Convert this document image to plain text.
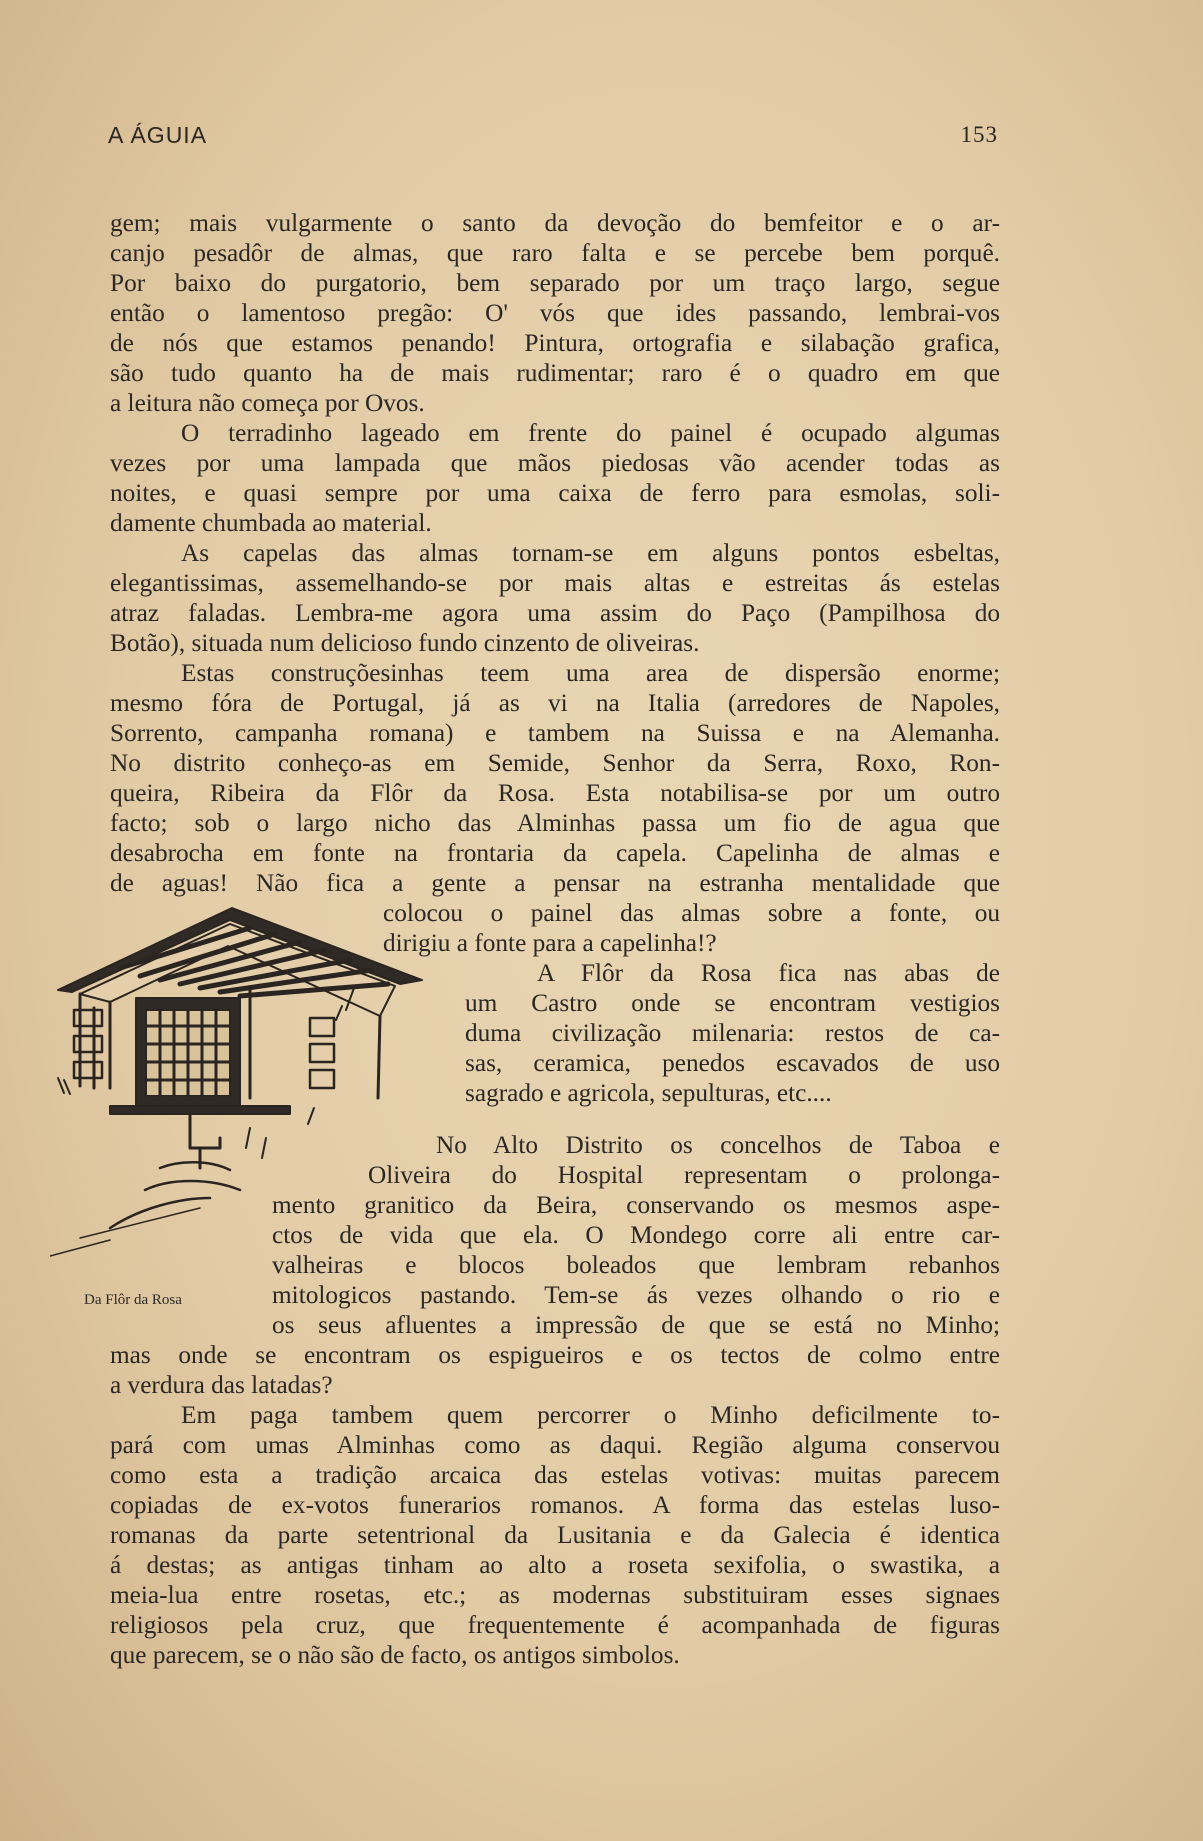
A ÁGUIA	153
gem; mais vulgarmente o santo da devoção do bemfeitor e o ar-
canjo pesadôr de almas, que raro falta e se percebe bem porquê.
Por baixo do purgatorio, bem separado por um traço largo, segue
então o lamentoso pregão: O' vós que ides passando, lembrai-vos
de nós que estamos penando! Pintura, ortografia e silabação grafica,
são tudo quanto ha de mais rudimentar; raro é o quadro em que
a leitura não começa por Ovos.
O terradinho lageado em frente do painel é ocupado algumas
vezes por uma lampada que mãos piedosas vão acender todas as
noites, e quasi sempre por uma caixa de ferro para esmolas, soli-
damente chumbada ao material.
As capelas das almas tornam-se em alguns pontos esbeltas,
elegantissimas, assemelhando-se por mais altas e estreitas ás estelas
atraz faladas. Lembra-me agora uma assim do Paço (Pampilhosa do
Botão), situada num delicioso fundo cinzento de oliveiras.
Estas construçõesinhas teem uma area de dispersão enorme;
mesmo fóra de Portugal, já as vi na Italia (arredores de Napoles,
Sorrento, campanha romana) e tambem na Suissa e na Alemanha.
No distrito conheço-as em Semide, Senhor da Serra, Roxo, Ron-
queira, Ribeira da Flôr da Rosa. Esta notabilisa-se por um outro
facto; sob o largo nicho das Alminhas passa um fio de agua que
desabrocha em fonte na frontaria da capela. Capelinha de almas e
de aguas! Não fica a gente a pensar na estranha mentalidade que
colocou o painel das almas sobre a fonte, ou
dirigiu a fonte para a capelinha!?
A Flôr da Rosa fica nas abas de
um Castro onde se encontram vestigios
duma civilização milenaria: restos de ca-
sas, ceramica, penedos escavados de uso
sagrado e agricola, sepulturas, etc....
No Alto Distrito os concelhos de Taboa e
Oliveira do Hospital representam o prolonga-
mento granitico da Beira, conservando os mesmos aspe-
ctos de vida que ela. O Mondego corre ali entre car-
valheiras e blocos boleados que lembram rebanhos
mitologicos pastando. Tem-se ás vezes olhando o rio e
os seus afluentes a impressão de que se está no Minho;
mas onde se encontram os espigueiros e os tectos de colmo entre
a verdura das latadas?
Em paga tambem quem percorrer o Minho deficilmente to-
pará com umas Alminhas como as daqui. Região alguma conservou
como esta a tradição arcaica das estelas votivas: muitas parecem
copiadas de ex-votos funerarios romanos. A forma das estelas luso-
romanas da parte setentrional da Lusitania e da Galecia é identica
á destas; as antigas tinham ao alto a roseta sexifolia, o swastika, a
meia-lua entre rosetas, etc.; as modernas substituiram esses signaes
religiosos pela cruz, que frequentemente é acompanhada de figuras
que parecem, se o não são de facto, os antigos simbolos.
Da Flôr da Rosa
